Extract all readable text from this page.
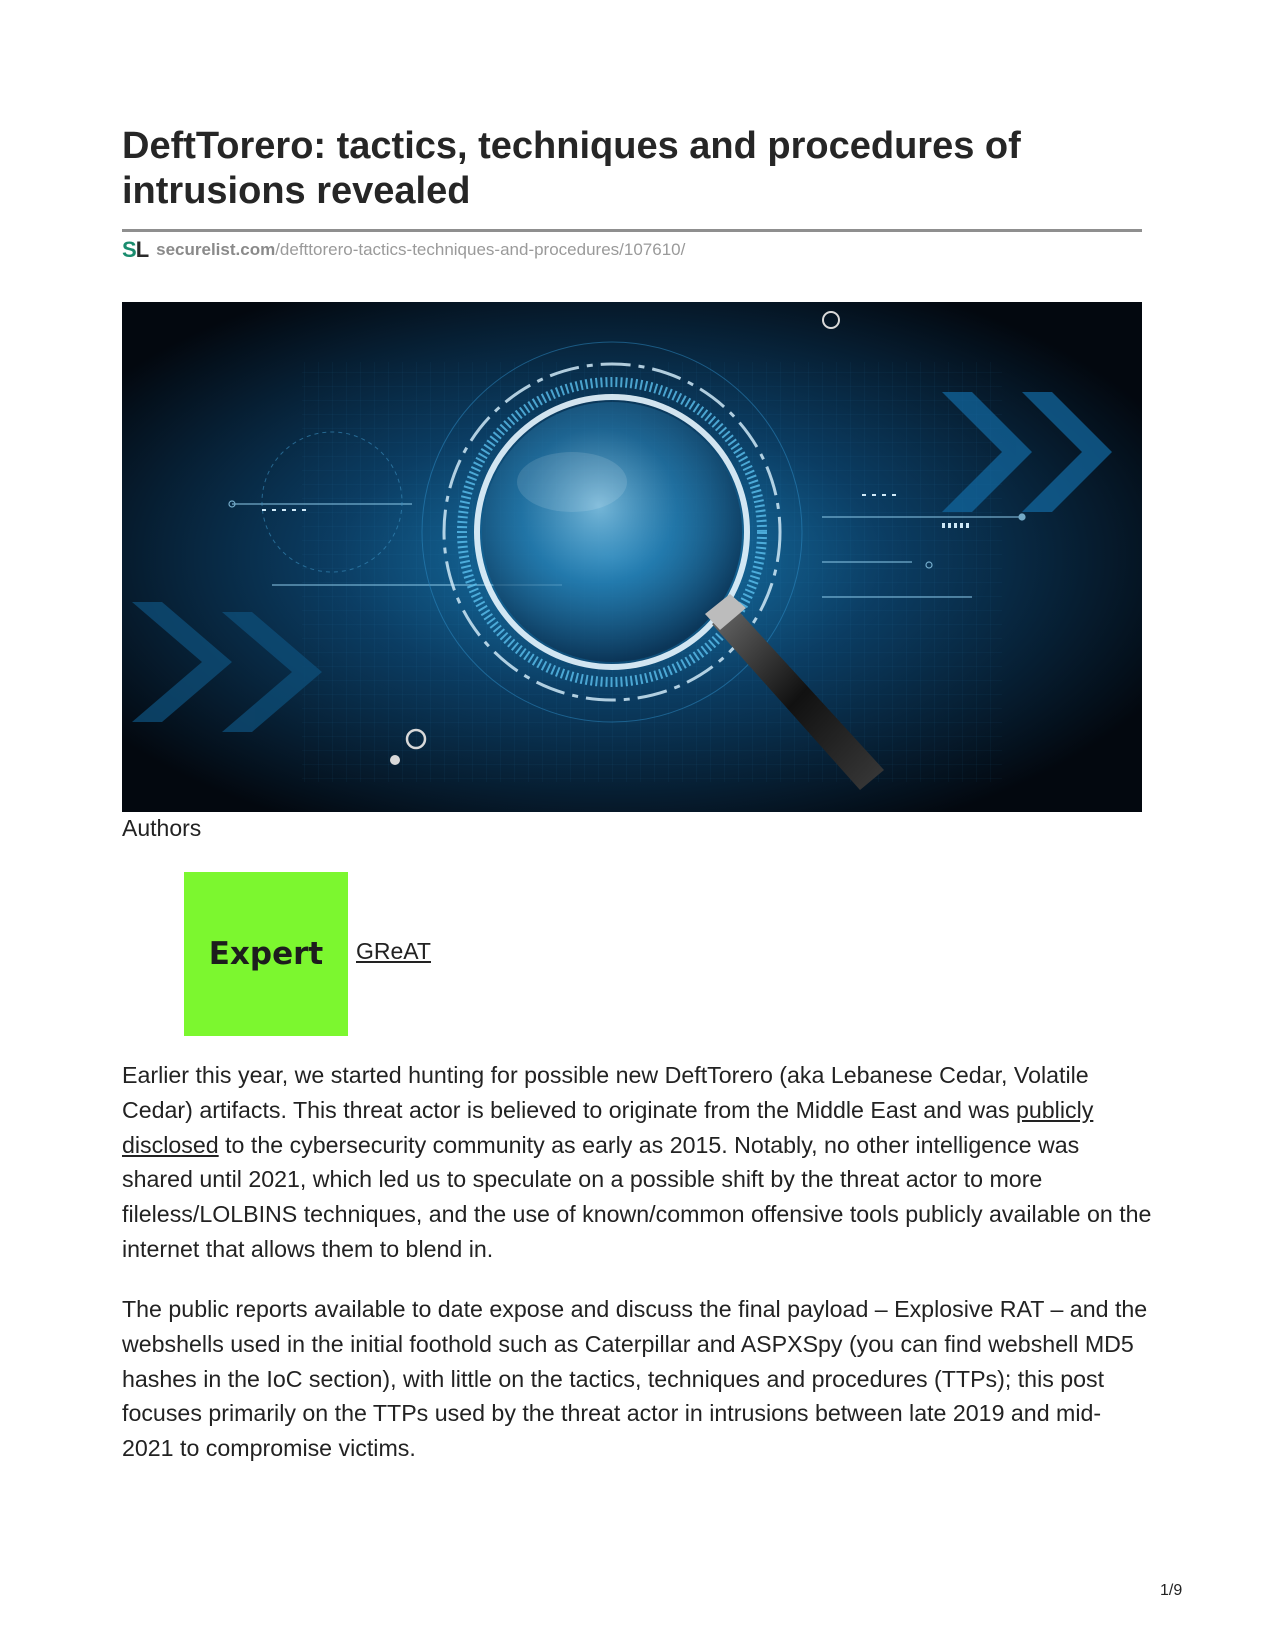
DeftTorero: tactics, techniques and procedures of intrusions revealed
S L securelist.com /defttorero-tactics-techniques-and-procedures/107610/
Authors
Expert	GReAT

Earlier this year, we started hunting for possible new DeftTorero (aka Lebanese Cedar, Volatile Cedar) artifacts. This threat actor is believed to originate from the Middle East and was publicly disclosed to the cybersecurity community as early as 2015. Notably, no other intelligence was shared until 2021, which led us to speculate on a possible shift by the threat actor to more fileless/LOLBINS techniques, and the use of known/common offensive tools publicly available on the internet that allows them to blend in.

The public reports available to date expose and discuss the final payload – Explosive RAT – and the webshells used in the initial foothold such as Caterpillar and ASPXSpy (you can find webshell MD5 hashes in the IoC section), with little on the tactics, techniques and procedures (TTPs); this post focuses primarily on the TTPs used by the threat actor in intrusions between late 2019 and mid-2021 to compromise victims.

1/9
